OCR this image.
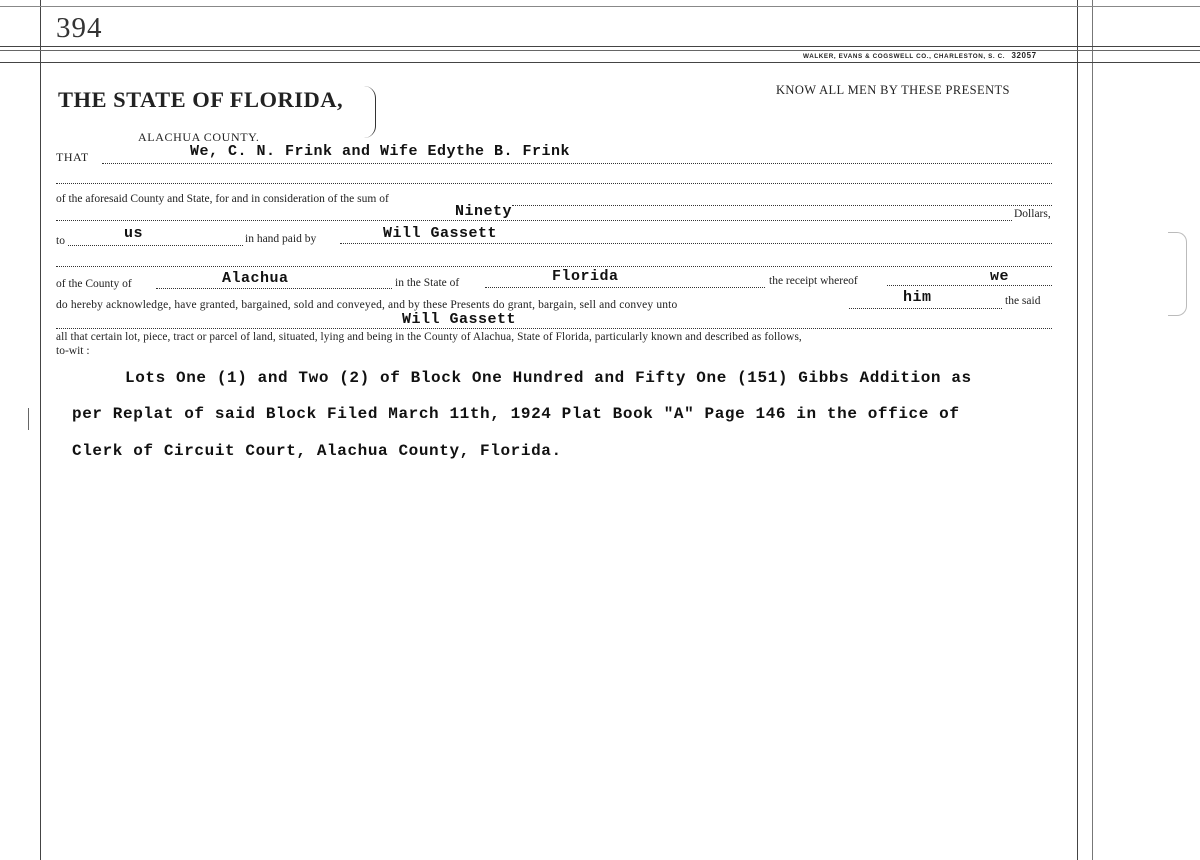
394
WALKER, EVANS & COGSWELL CO., CHARLESTON, S. C. 32057
THE STATE OF FLORIDA,
ALACHUA COUNTY.
KNOW ALL MEN BY THESE PRESENTS
THAT	We, C. N. Frink and Wife Edythe B. Frink
of the aforesaid County and State, for and in consideration of the sum of
Ninety	Dollars,
to	us	in hand paid by	Will Gassett
of the County of	Alachua	in the State of	Florida	the receipt whereof	we
do hereby acknowledge, have granted, bargained, sold and conveyed, and by these Presents do grant, bargain, sell and convey unto	him	the said
Will Gassett
all that certain lot, piece, tract or parcel of land, situated, lying and being in the County of Alachua, State of Florida, particularly known and described as follows,
to-wit :
Lots One (1) and Two (2) of Block One Hundred and Fifty One (151) Gibbs Addition as
per Replat of said Block Filed March 11th, 1924 Plat Book "A" Page 146 in the office of
Clerk of Circuit Court, Alachua County, Florida.
